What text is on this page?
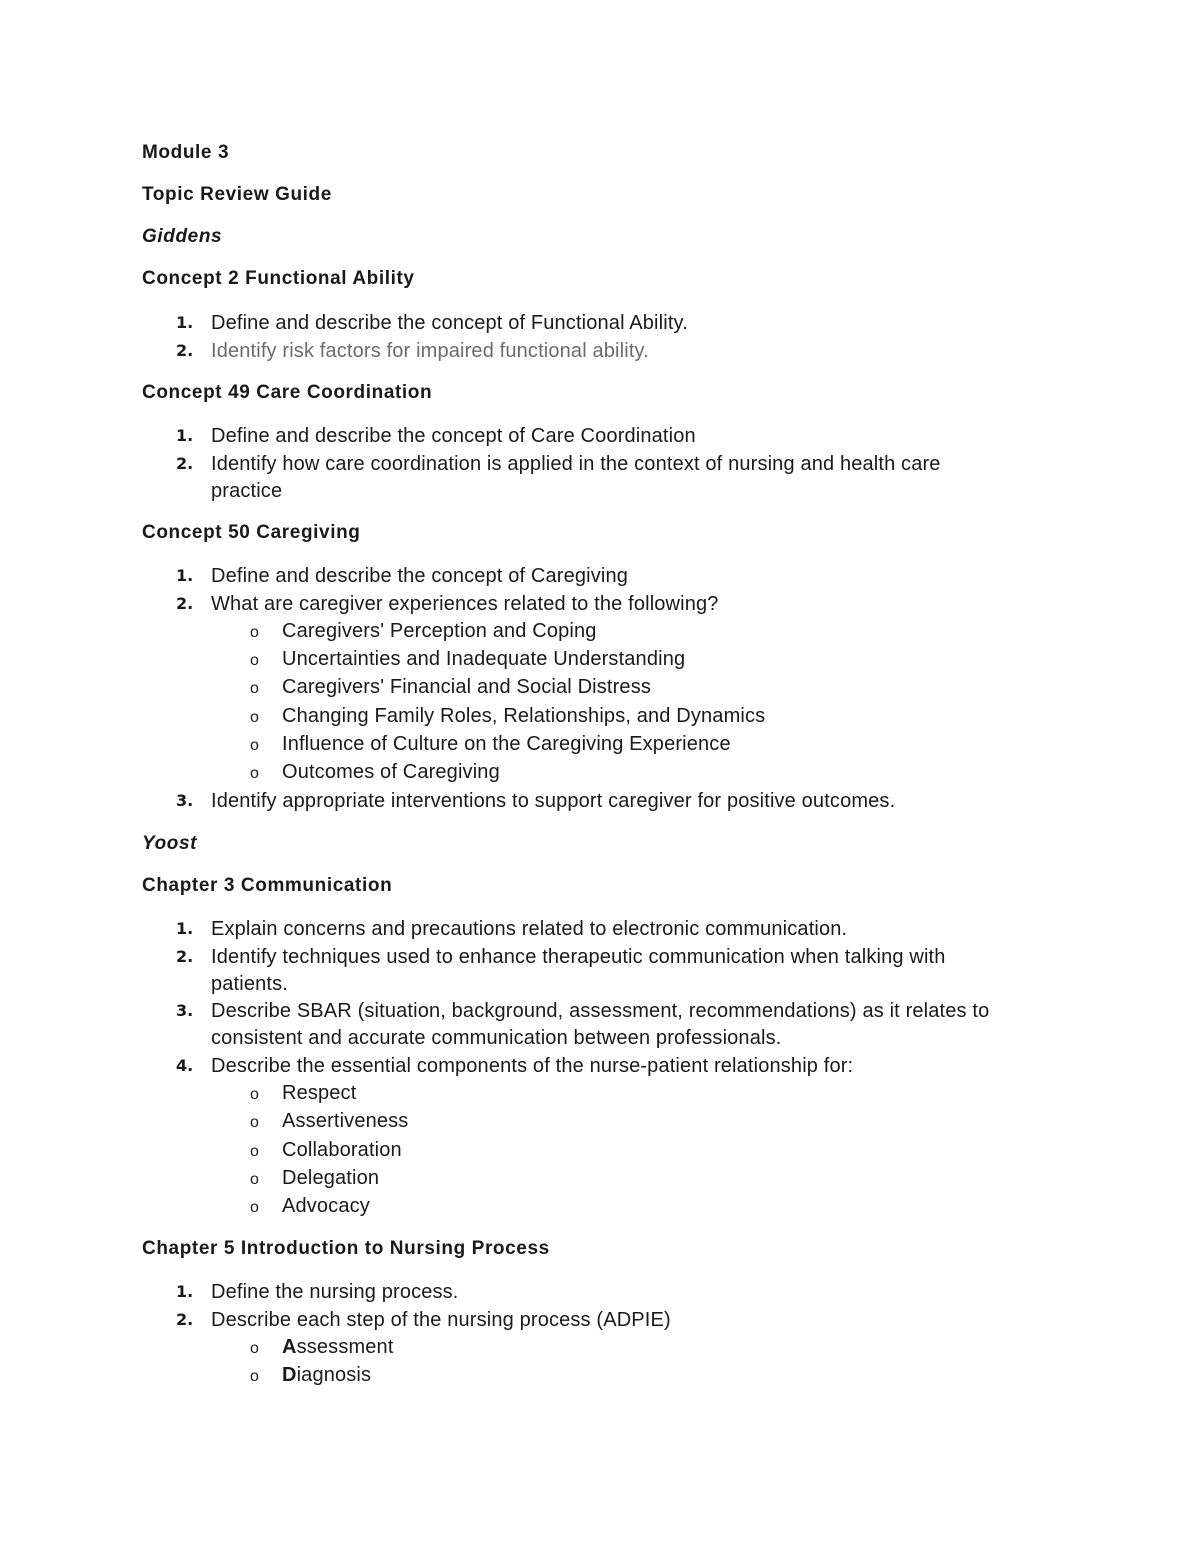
Module 3
Topic Review Guide
Giddens
Concept 2 Functional Ability
1. Define and describe the concept of Functional Ability.
2. Identify risk factors for impaired functional ability.
Concept 49 Care Coordination
1. Define and describe the concept of Care Coordination
2. Identify how care coordination is applied in the context of nursing and health care
practice
Concept 50 Caregiving
1. Define and describe the concept of Caregiving
2. What are caregiver experiences related to the following?
o Caregivers' Perception and Coping
o Uncertainties and Inadequate Understanding
o Caregivers' Financial and Social Distress
o Changing Family Roles, Relationships, and Dynamics
o Influence of Culture on the Caregiving Experience
o Outcomes of Caregiving
3. Identify appropriate interventions to support caregiver for positive outcomes.
Yoost
Chapter 3 Communication
1. Explain concerns and precautions related to electronic communication.
2. Identify techniques used to enhance therapeutic communication when talking with
patients.
3. Describe SBAR (situation, background, assessment, recommendations) as it relates to
consistent and accurate communication between professionals.
4. Describe the essential components of the nurse-patient relationship for:
o Respect
o Assertiveness
o Collaboration
o Delegation
o Advocacy
Chapter 5 Introduction to Nursing Process
1. Define the nursing process.
2. Describe each step of the nursing process (ADPIE)
o Assessment
o Diagnosis
